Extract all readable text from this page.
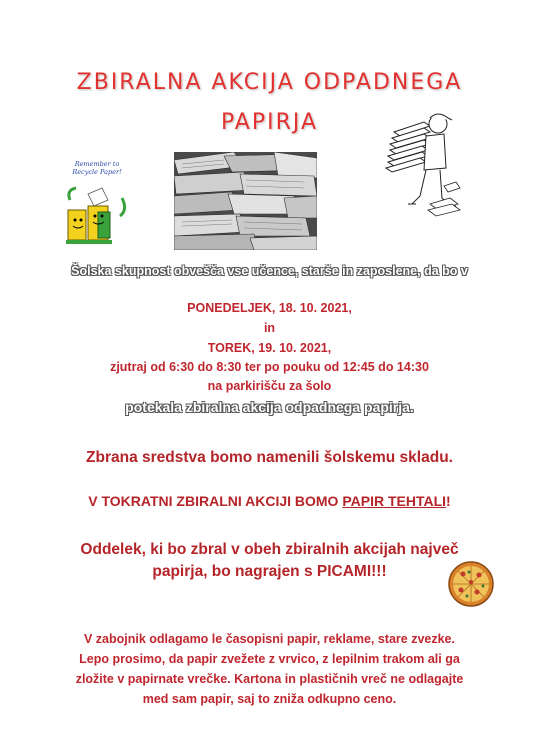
ZBIRALNA AKCIJA ODPADNEGA
PAPIRJA
Remember to
Recycle Paper!
Šolska skupnost obvešča vse učence, starše in zaposlene, da bo v
PONEDELJEK, 18. 10. 2021,
in
TOREK, 19. 10. 2021,
zjutraj od 6:30 do 8:30 ter po pouku od 12:45 do 14:30
na parkirišču za šolo
potekala zbiralna akcija odpadnega papirja.
Zbrana sredstva bomo namenili šolskemu skladu.
V TOKRATNI ZBIRALNI AKCIJI BOMO PAPIR TEHTALI!
Oddelek, ki bo zbral v obeh zbiralnih akcijah največ
papirja, bo nagrajen s PICAMI!!!
V zabojnik odlagamo le časopisni papir, reklame, stare zvezke.
Lepo prosimo, da papir zvežete z vrvico, z lepilnim trakom ali ga
zložite v papirnate vrečke. Kartona in plastičnih vreč ne odlagajte
med sam papir, saj to zniža odkupno ceno.
